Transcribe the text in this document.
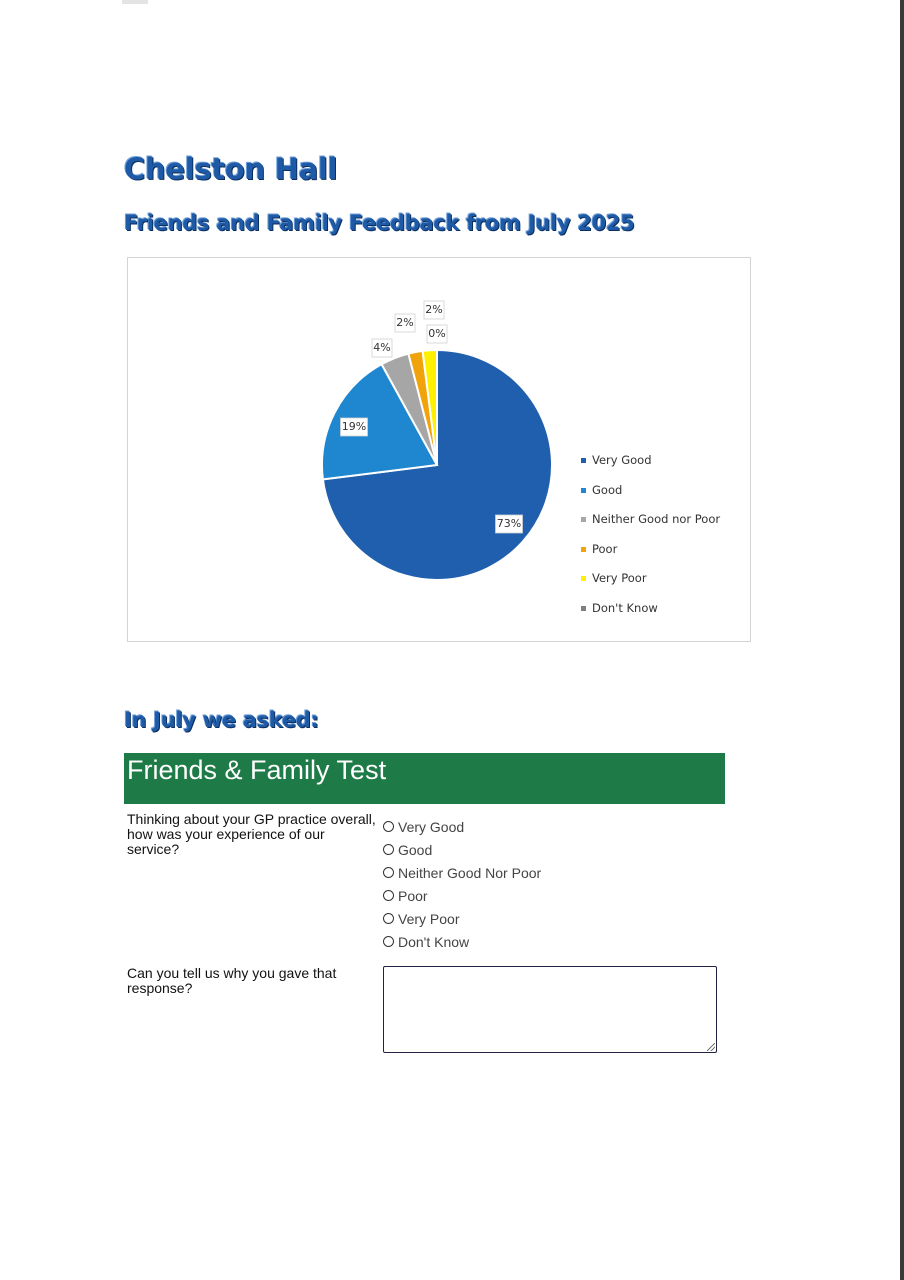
Chelston Hall
Friends and Family Feedback from July 2025
73%
19%
4%
2%
2%
0%
Very Good
Good
Neither Good nor Poor
Poor
Very Poor
Don't Know
In July we asked:
Friends & Family Test

Thinking about your GP practice overall, how was your experience of our service?

Very Good
Good
Neither Good Nor Poor
Poor
Very Poor
Don't Know

Can you tell us why you gave that response?
